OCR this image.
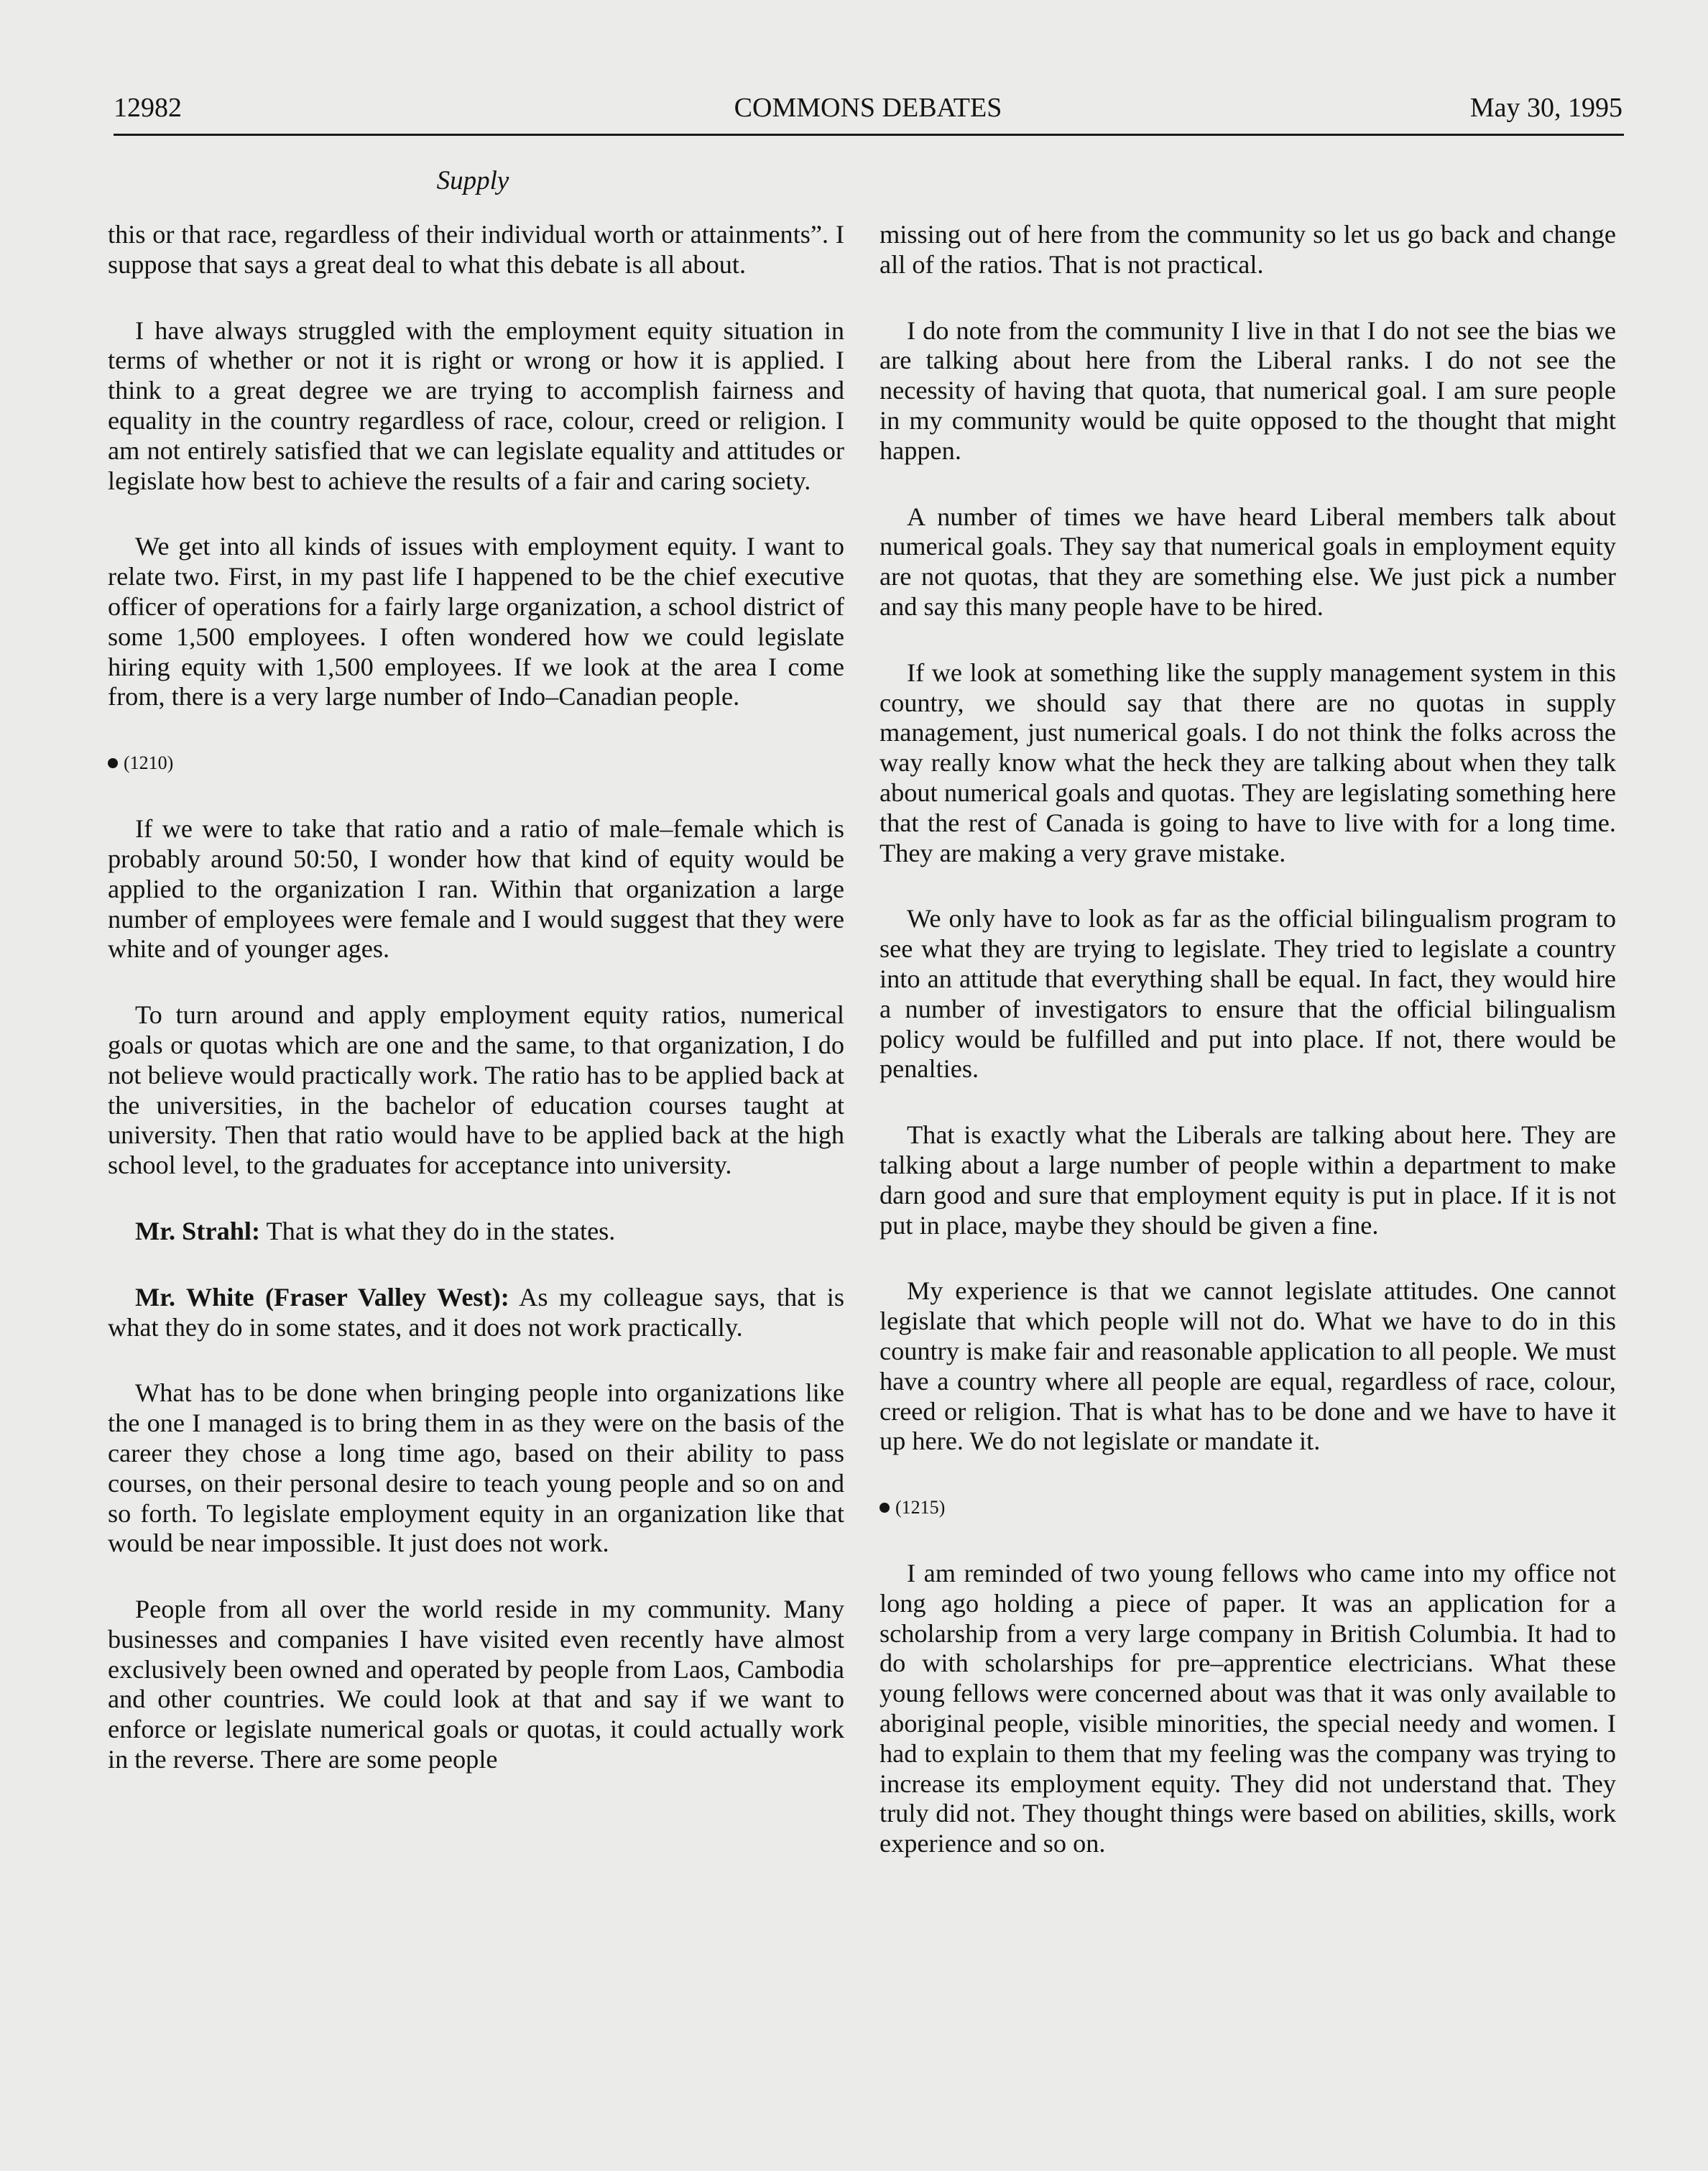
12982	COMMONS DEBATES	May 30, 1995
Supply

this or that race, regardless of their individual worth or attainments”. I suppose that says a great deal to what this debate is all about.

I have always struggled with the employment equity situation in terms of whether or not it is right or wrong or how it is applied. I think to a great degree we are trying to accomplish fairness and equality in the country regardless of race, colour, creed or religion. I am not entirely satisfied that we can legislate equality and attitudes or legislate how best to achieve the results of a fair and caring society.

We get into all kinds of issues with employment equity. I want to relate two. First, in my past life I happened to be the chief executive officer of operations for a fairly large organization, a school district of some 1,500 employees. I often wondered how we could legislate hiring equity with 1,500 employees. If we look at the area I come from, there is a very large number of Indo–Canadian people.

(1210)

If we were to take that ratio and a ratio of male–female which is probably around 50:50, I wonder how that kind of equity would be applied to the organization I ran. Within that organization a large number of employees were female and I would suggest that they were white and of younger ages.

To turn around and apply employment equity ratios, numerical goals or quotas which are one and the same, to that organization, I do not believe would practically work. The ratio has to be applied back at the universities, in the bachelor of education courses taught at university. Then that ratio would have to be applied back at the high school level, to the graduates for acceptance into university.

Mr. Strahl: That is what they do in the states.

Mr. White (Fraser Valley West): As my colleague says, that is what they do in some states, and it does not work practically.

What has to be done when bringing people into organizations like the one I managed is to bring them in as they were on the basis of the career they chose a long time ago, based on their ability to pass courses, on their personal desire to teach young people and so on and so forth. To legislate employment equity in an organization like that would be near impossible. It just does not work.

People from all over the world reside in my community. Many businesses and companies I have visited even recently have almost exclusively been owned and operated by people from Laos, Cambodia and other countries. We could look at that and say if we want to enforce or legislate numerical goals or quotas, it could actually work in the reverse. There are some people

missing out of here from the community so let us go back and change all of the ratios. That is not practical.

I do note from the community I live in that I do not see the bias we are talking about here from the Liberal ranks. I do not see the necessity of having that quota, that numerical goal. I am sure people in my community would be quite opposed to the thought that might happen.

A number of times we have heard Liberal members talk about numerical goals. They say that numerical goals in employment equity are not quotas, that they are something else. We just pick a number and say this many people have to be hired.

If we look at something like the supply management system in this country, we should say that there are no quotas in supply management, just numerical goals. I do not think the folks across the way really know what the heck they are talking about when they talk about numerical goals and quotas. They are legislating something here that the rest of Canada is going to have to live with for a long time. They are making a very grave mistake.

We only have to look as far as the official bilingualism program to see what they are trying to legislate. They tried to legislate a country into an attitude that everything shall be equal. In fact, they would hire a number of investigators to ensure that the official bilingualism policy would be fulfilled and put into place. If not, there would be penalties.

That is exactly what the Liberals are talking about here. They are talking about a large number of people within a department to make darn good and sure that employment equity is put in place. If it is not put in place, maybe they should be given a fine.

My experience is that we cannot legislate attitudes. One cannot legislate that which people will not do. What we have to do in this country is make fair and reasonable application to all people. We must have a country where all people are equal, regardless of race, colour, creed or religion. That is what has to be done and we have to have it up here. We do not legislate or mandate it.

(1215)

I am reminded of two young fellows who came into my office not long ago holding a piece of paper. It was an application for a scholarship from a very large company in British Columbia. It had to do with scholarships for pre–apprentice electricians. What these young fellows were concerned about was that it was only available to aboriginal people, visible minorities, the special needy and women. I had to explain to them that my feeling was the company was trying to increase its employment equity. They did not understand that. They truly did not. They thought things were based on abilities, skills, work experience and so on.
